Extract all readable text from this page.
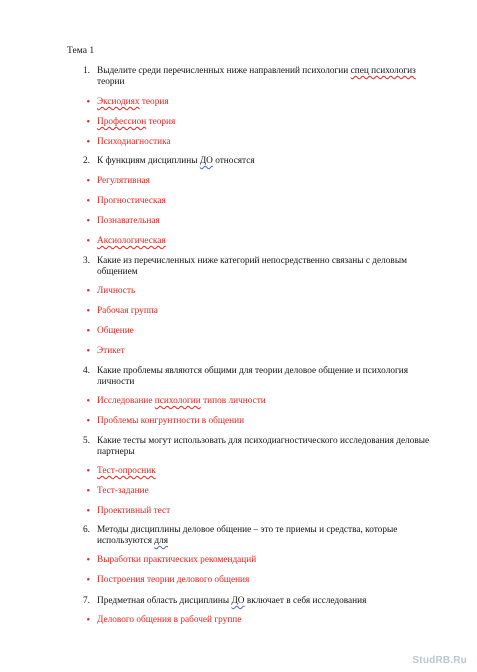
Тема 1
1. Выделите среди перечисленных ниже направлений психологии спец психологиз теории
• Эксиодиях теория
• Профессион теория
• Психодиагностика
2. К функциям дисциплины ДО относятся
• Регулятивная
• Прогностическая
• Познавательная
• Аксиологическая
3. Какие из перечисленных ниже категорий непосредственно связаны с деловым общением
• Личность
• Рабочая группа
• Общение
• Этикет
4. Какие проблемы являются общими для теории деловое общение и психология личности
• Исследование психологии типов личности
• Проблемы конгрунтности в общении
5. Какие тесты могут использовать для психодиагностического исследования деловые партнеры
• Тест-опросник
• Тест-задание
• Проективный тест
6. Методы дисциплины деловое общение – это те приемы и средства, которые используются для
• Выработки практических рекомендаций
• Построения теории делового общения
7. Предметная область дисциплины ДО включает в себя исследования
• Делового общения в рабочей группе
StudRB.Ru
